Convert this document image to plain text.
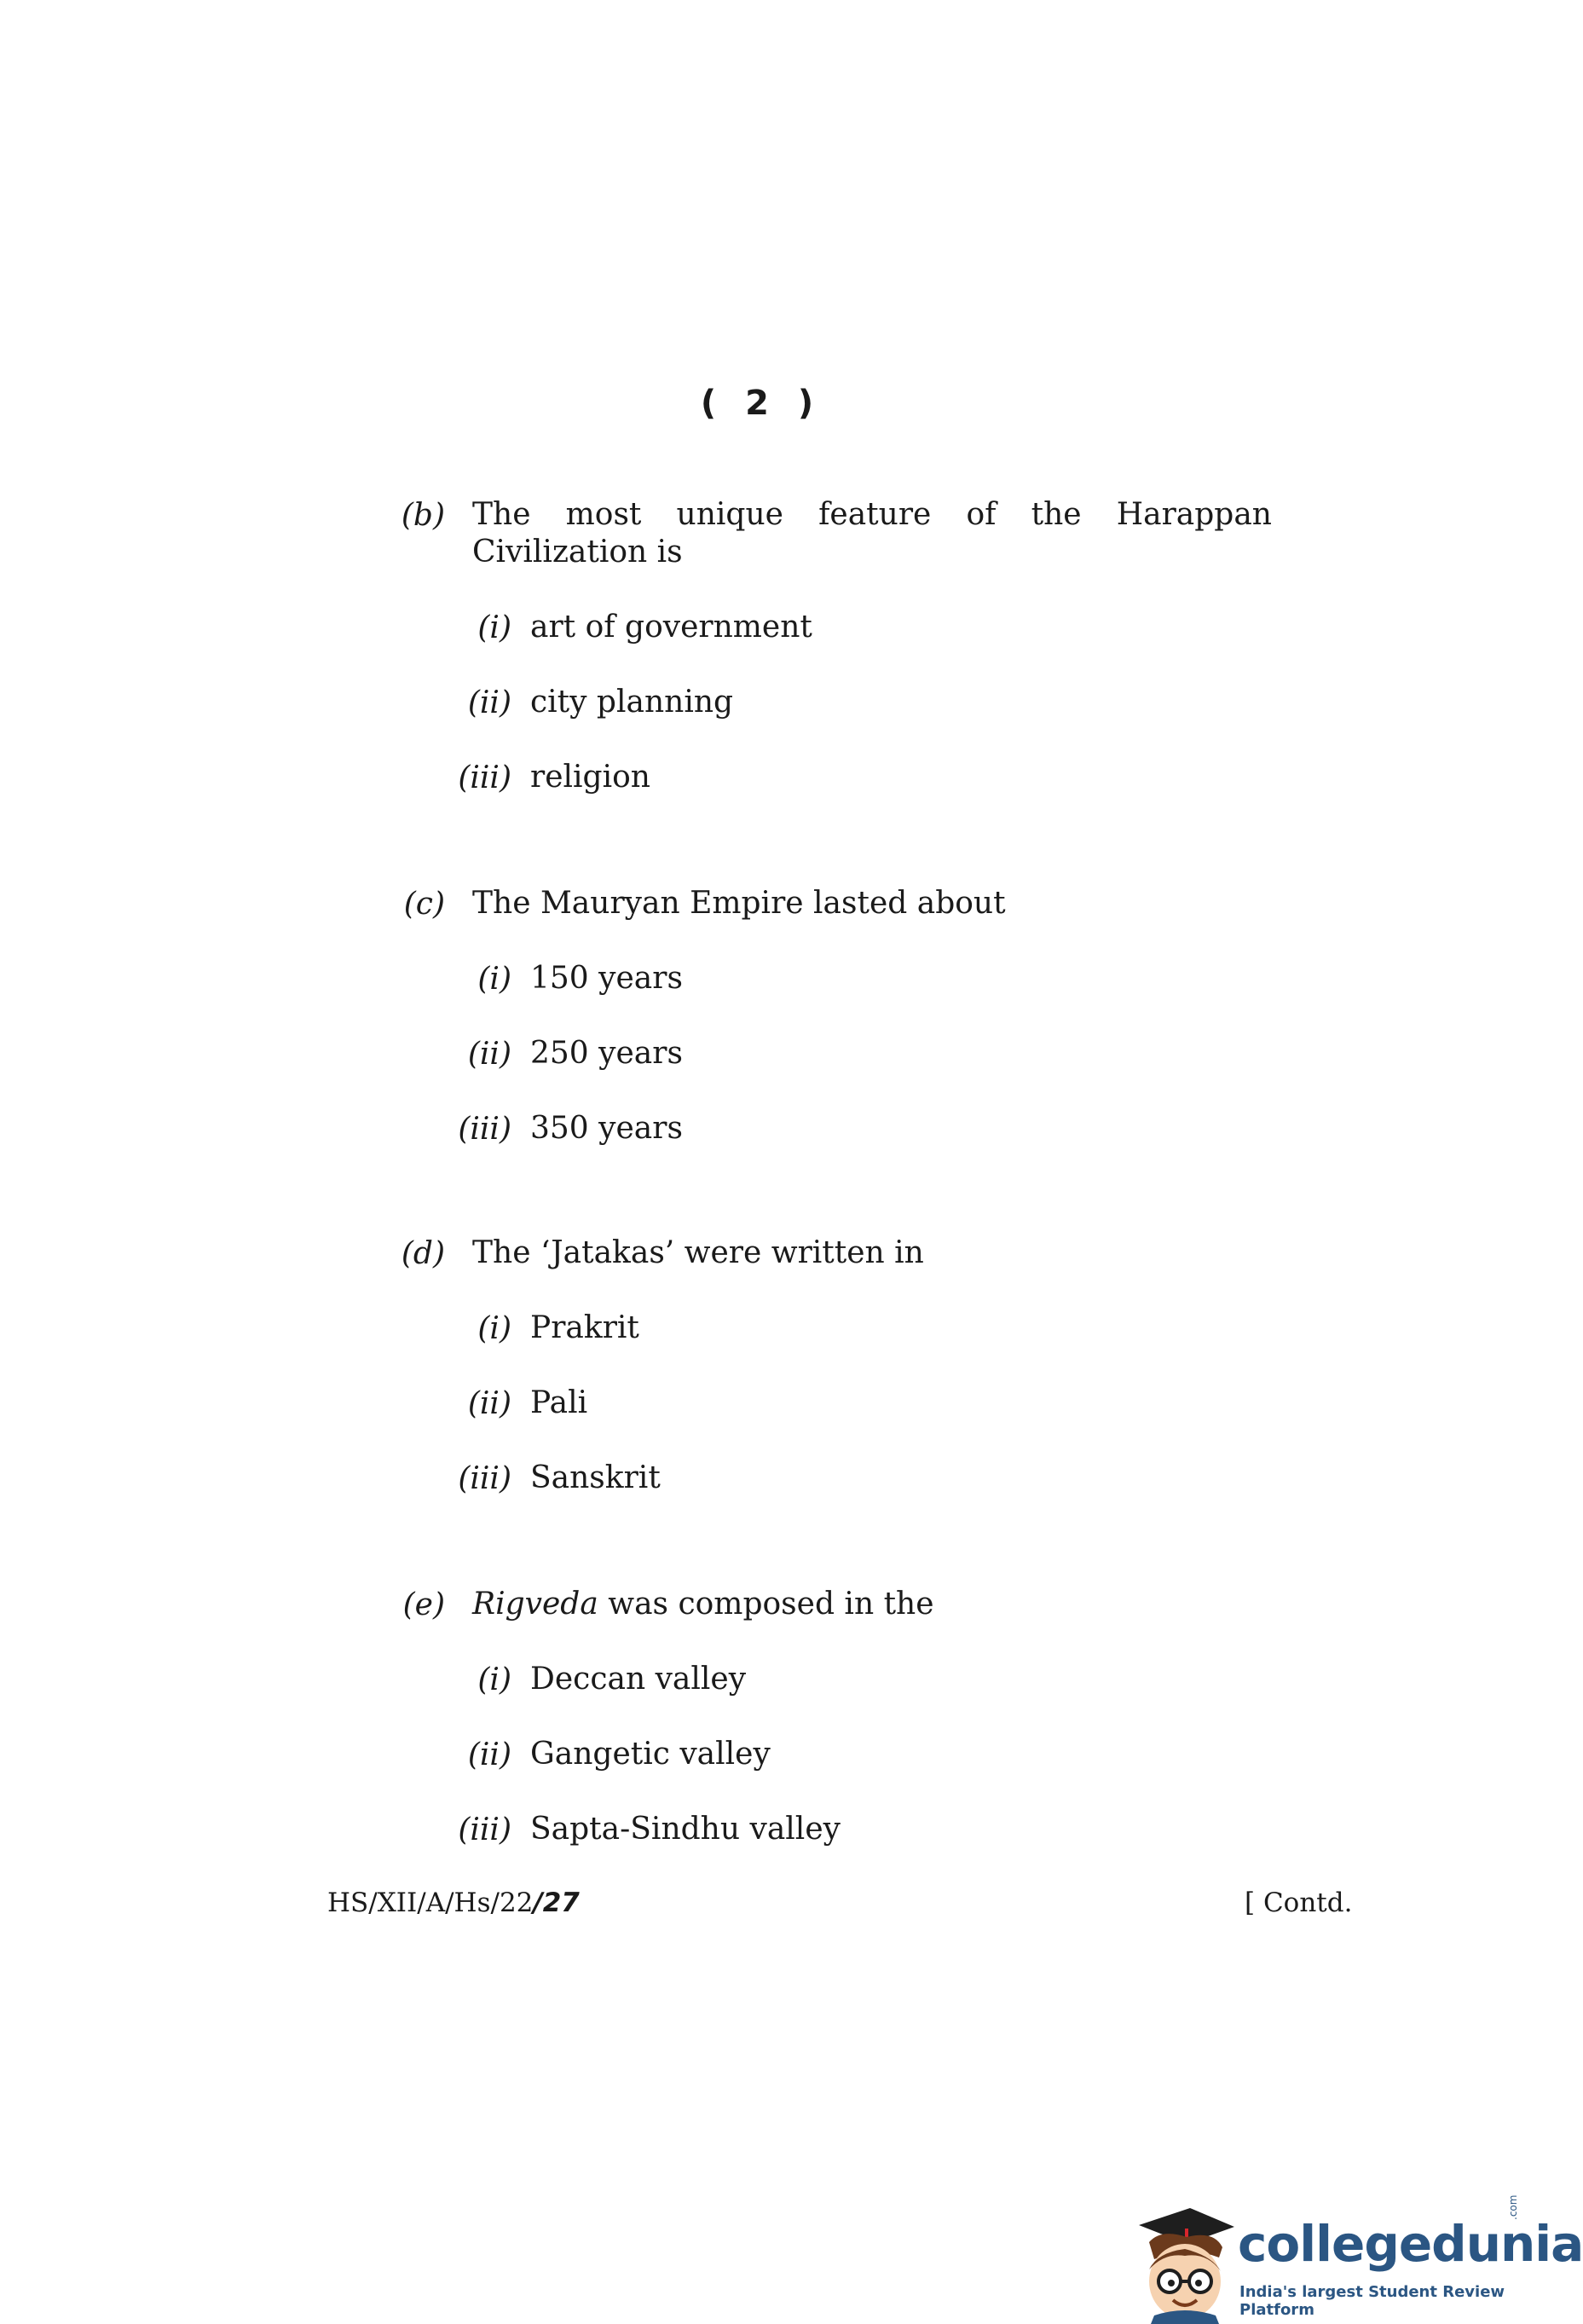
( 2 )
(b) The most unique feature of the Harappan
Civilization is
(i) art of government
(ii) city planning
(iii) religion
(c) The Mauryan Empire lasted about
(i) 150 years
(ii) 250 years
(iii) 350 years
(d) The ‘Jatakas’ were written in
(i) Prakrit
(ii) Pali
(iii) Sanskrit
(e) Rigveda was composed in the
(i) Deccan valley
(ii) Gangetic valley
(iii) Sapta-Sindhu valley
HS/XII/A/Hs/22/27	[ Contd.
collegedunia
.com
India's largest Student Review Platform
